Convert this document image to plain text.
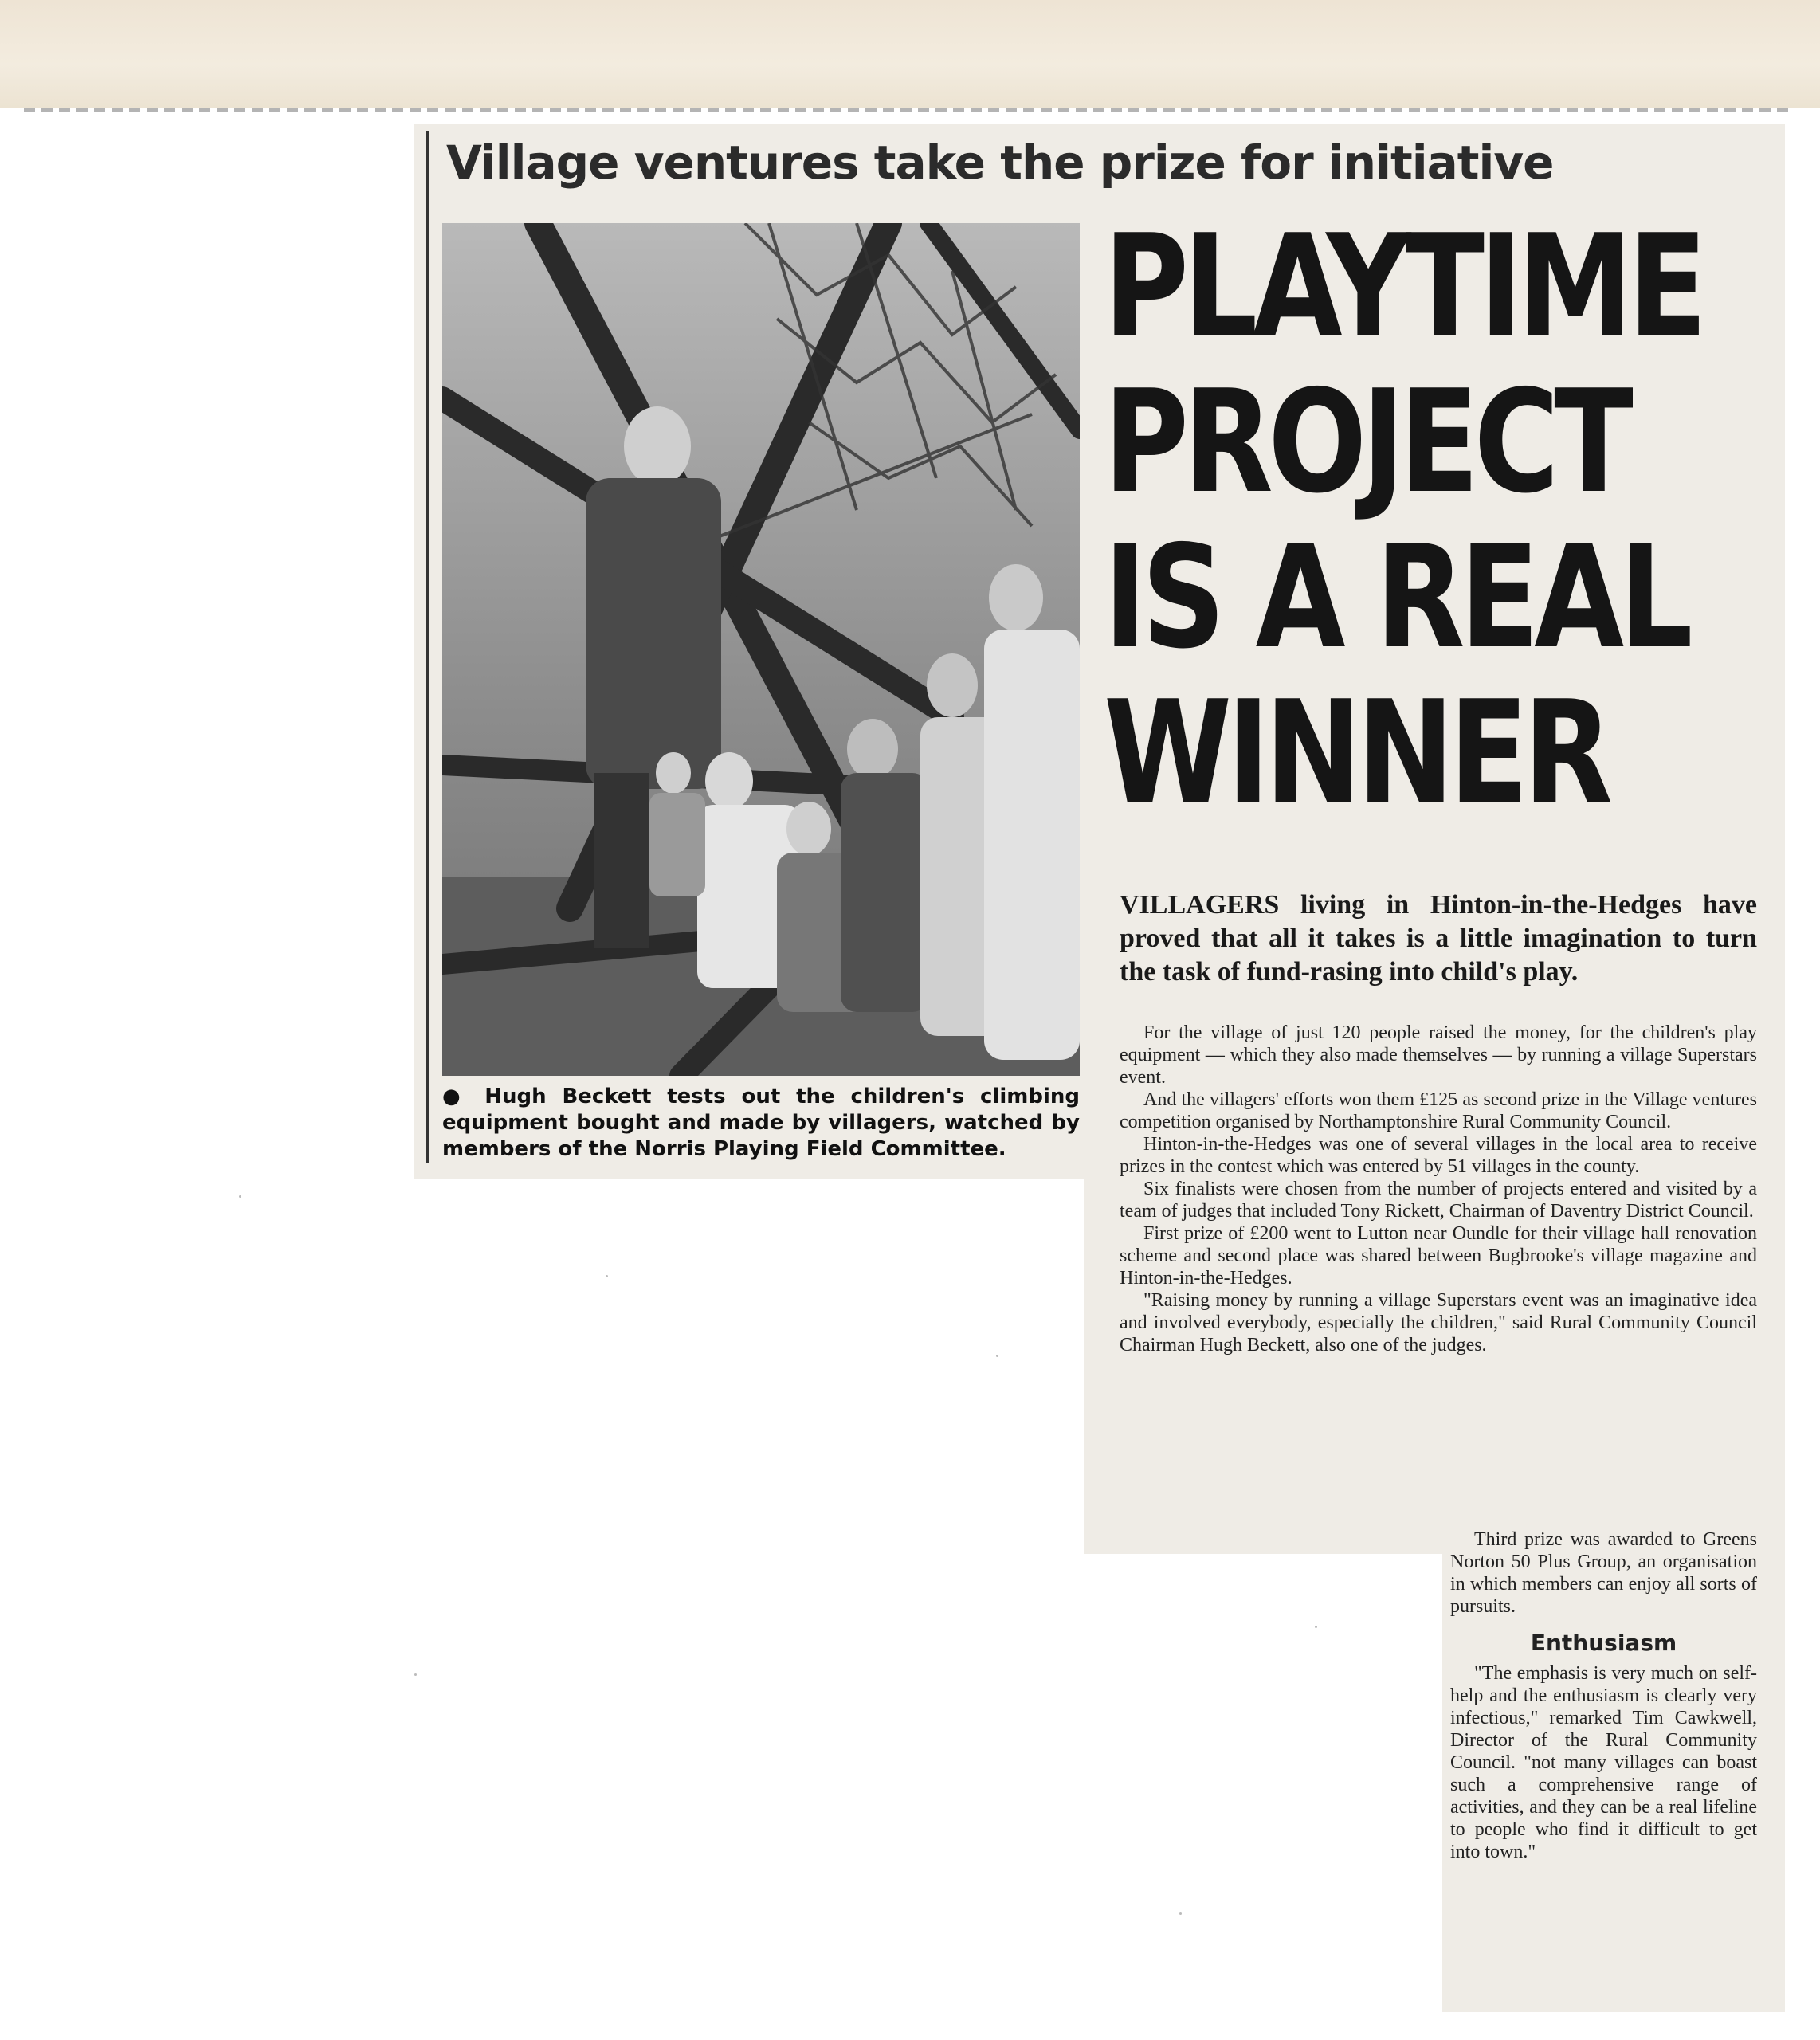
Village ventures take the prize for initiative
● Hugh Beckett tests out the children's climbing equipment bought and made by villagers, watched by members of the Norris Playing Field Committee.
PLAYTIME
PROJECT
IS A REAL
WINNER
VILLAGERS living in Hinton-in-the-Hedges have proved that all it takes is a little imagination to turn the task of fund-rasing into child's play.

For the village of just 120 people raised the money, for the children's play equipment — which they also made themselves — by running a village Superstars event.

And the villagers' efforts won them £125 as second prize in the Village ventures competition organised by Northamptonshire Rural Community Council.

Hinton-in-the-Hedges was one of several villages in the local area to receive prizes in the contest which was entered by 51 villages in the county.

Six finalists were chosen from the number of projects entered and visited by a team of judges that included Tony Rickett, Chairman of Daventry District Council.

First prize of £200 went to Lutton near Oundle for their village hall renovation scheme and second place was shared between Bugbrooke's village magazine and Hinton-in-the-Hedges.

"Raising money by running a village Superstars event was an imaginative idea and involved everybody, especially the children," said Rural Community Council Chairman Hugh Beckett, also one of the judges.

Third prize was awarded to Greens Norton 50 Plus Group, an organisation in which members can enjoy all sorts of pursuits.

Enthusiasm

"The emphasis is very much on self-help and the enthusiasm is clearly very infectious," remarked Tim Cawkwell, Director of the Rural Community Council. "not many villages can boast such a comprehensive range of activities, and they can be a real lifeline to people who find it difficult to get into town."
